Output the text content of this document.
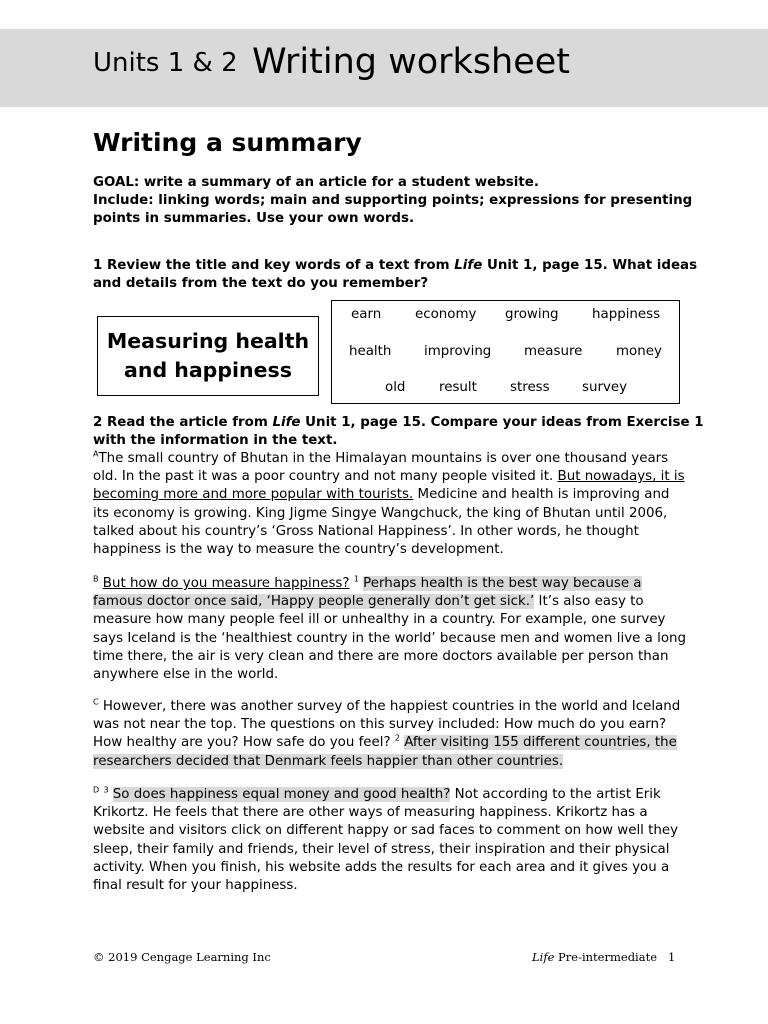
Units 1 & 2 Writing worksheet
Writing a summary
GOAL: write a summary of an article for a student website.
Include: linking words; main and supporting points; expressions for presenting
points in summaries. Use your own words.
1 Review the title and key words of a text from Life Unit 1, page 15. What ideas
and details from the text do you remember?
Measuring health
and happiness
earn	economy growing happiness
health improving measure	money
old	result stress survey
2 Read the article from Life Unit 1, page 15. Compare your ideas from Exercise 1
with the information in the text.
$^A$The small country of Bhutan in the Himalayan mountains is over one thousand years
old. In the past it was a poor country and not many people visited it. But nowadays, it is
becoming more and more popular with tourists. Medicine and health is improving and
its economy is growing. King Jigme Singye Wangchuck, the king of Bhutan until 2006,
talked about his country’s ‘Gross National Happiness’. In other words, he thought
happiness is the way to measure the country’s development.
$^B$ But how do you measure happiness? $^1$ Perhaps health is the best way because a
famous doctor once said, ‘Happy people generally don’t get sick.’ It’s also easy to
measure how many people feel ill or unhealthy in a country. For example, one survey
says Iceland is the ‘healthiest country in the world’ because men and women live a long
time there, the air is very clean and there are more doctors available per person than
anywhere else in the world.
$^C$ However, there was another survey of the happiest countries in the world and Iceland
was not near the top. The questions on this survey included: How much do you earn?
How healthy are you? How safe do you feel? $^2$ After visiting 155 different countries, the
researchers decided that Denmark feels happier than other countries.
$^D$ $^3$ So does happiness equal money and good health? Not according to the artist Erik
Krikortz. He feels that there are other ways of measuring happiness. Krikortz has a
website and visitors click on different happy or sad faces to comment on how well they
sleep, their family and friends, their level of stress, their inspiration and their physical
activity. When you finish, his website adds the results for each area and it gives you a
final result for your happiness.
© 2019 Cengage Learning Inc	Life Pre-intermediate 1
